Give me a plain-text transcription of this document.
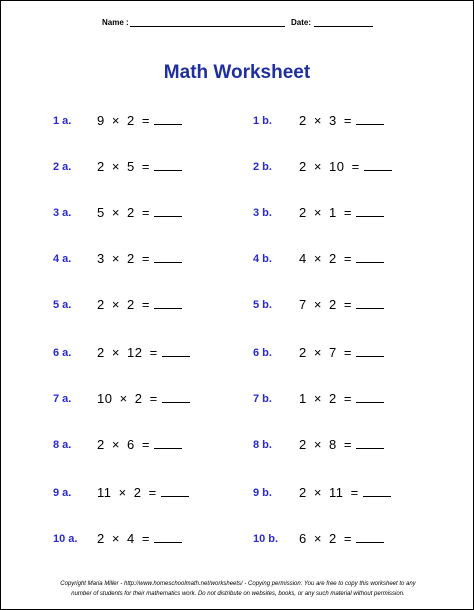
Name :	Date:
Math Worksheet
1 a. 9 × 2 =
2 a. 2 × 5 =
3 a. 5 × 2 =
4 a. 3 × 2 =
5 a. 2 × 2 =
6 a. 2 × 12 =
7 a. 10 × 2 =
8 a. 2 × 6 =
9 a. 11 × 2 =
10 a. 2 × 4 =
1 b. 2 × 3 =
2 b. 2 × 10 =
3 b. 2 × 1 =
4 b. 4 × 2 =
5 b. 7 × 2 =
6 b. 2 × 7 =
7 b. 1 × 2 =
8 b. 2 × 8 =
9 b. 2 × 11 =
10 b. 6 × 2 =
Copyright Maria Miller - http://www.homeschoolmath.net/worksheets/ - Copying permission: You are free to copy this worksheet to any
number of students for their mathematics work. Do not distribute on websites, books, or any such material without permission.
